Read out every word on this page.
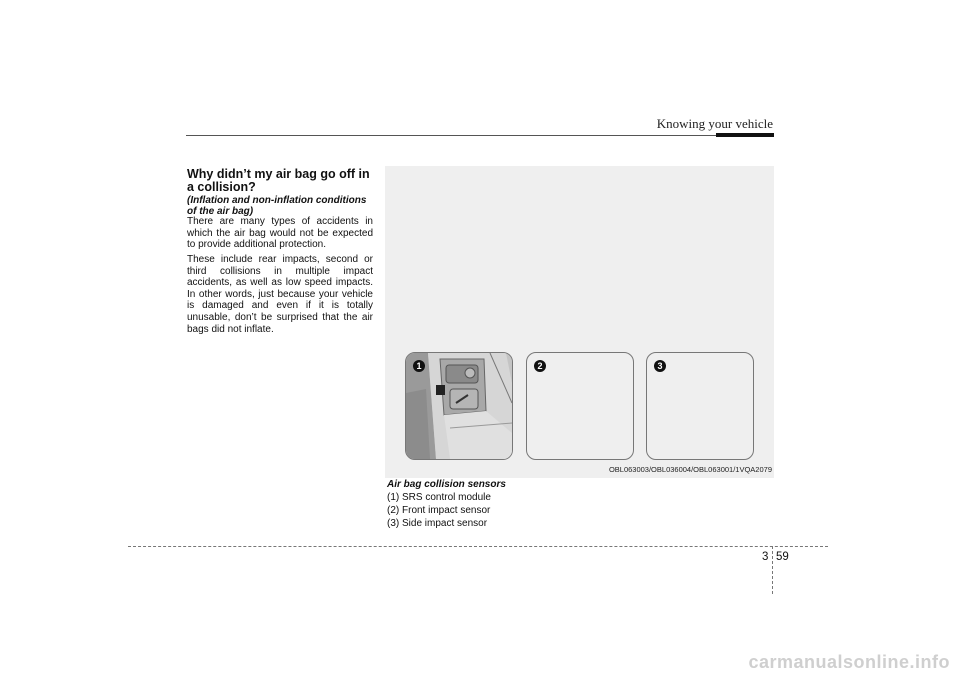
Knowing your vehicle
Why didn’t my air bag go off in a collision?

(Inflation and non-inflation conditions of the air bag)

There are many types of accidents in which the air bag would not be expected to provide additional protection.

These include rear impacts, second or third collisions in multiple impact accidents, as well as low speed impacts. In other words, just because your vehicle is damaged and even if it is totally unusable, don’t be surprised that the air bags did not inflate.

1	2	3
OBL063003/OBL036004/OBL063001/1VQA2079
Air bag collision sensors
(1) SRS control module
(2) Front impact sensor
(3) Side impact sensor
3 59
carmanualsonline.info
